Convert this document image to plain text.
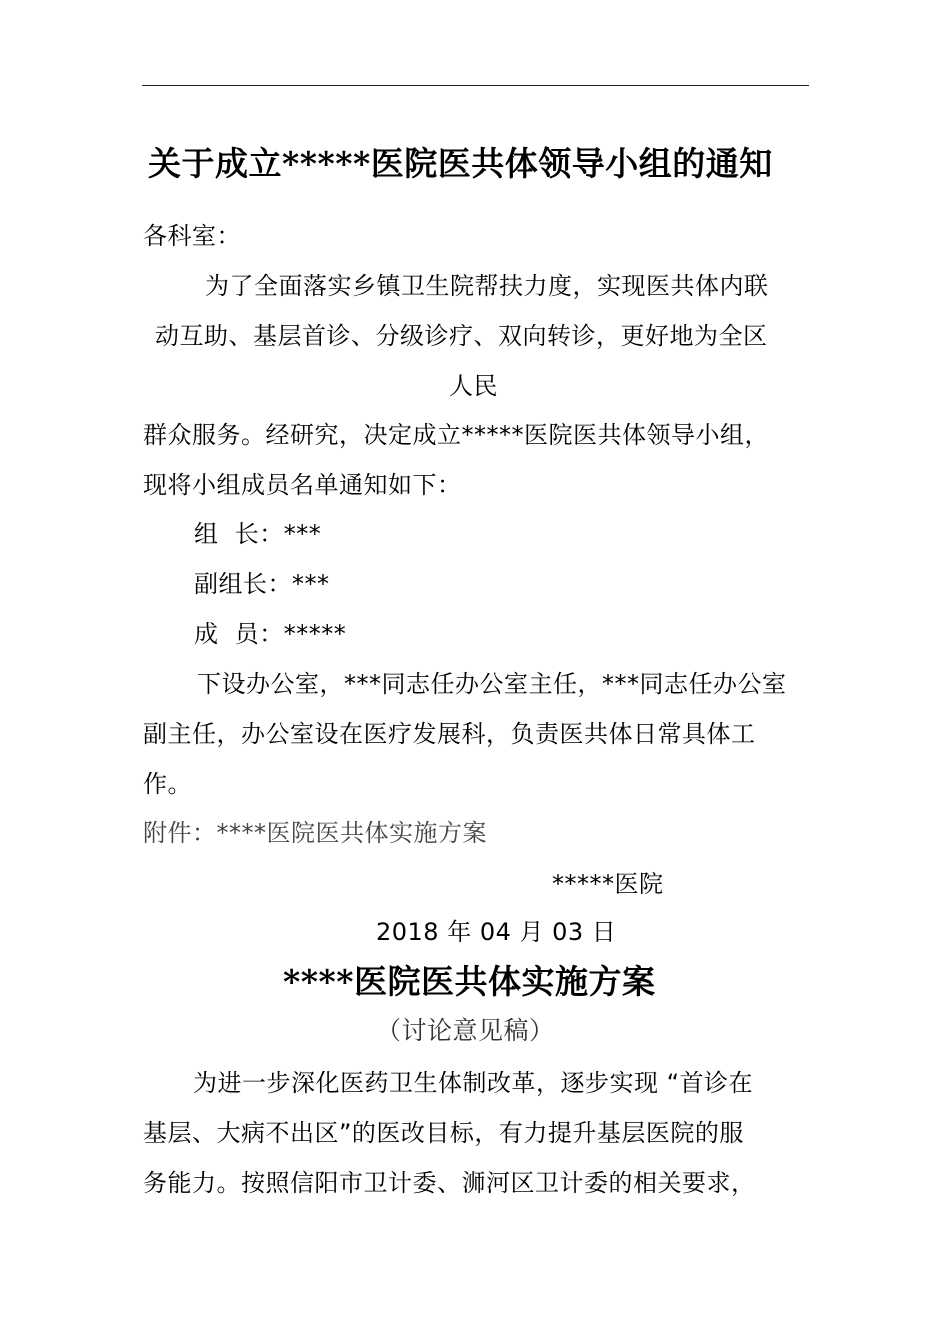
关于成立*****医院医共体领导小组的通知
各科室：
为了全面落实乡镇卫生院帮扶力度，实现医共体内联
动互助、基层首诊、分级诊疗、双向转诊，更好地为全区
人民
群众服务。经研究，决定成立*****医院医共体领导小组，
现将小组成员名单通知如下：
组  长：***
副组长：***
成  员：*****
下设办公室，***同志任办公室主任，***同志任办公室
副主任，办公室设在医疗发展科，负责医共体日常具体工
作。
附件：****医院医共体实施方案
*****医院
2018 年 04 月 03 日
****医院医共体实施方案
（讨论意见稿）
为进一步深化医药卫生体制改革，逐步实现 “首诊在
基层、大病不出区”的医改目标，有力提升基层医院的服
务能力。按照信阳市卫计委、浉河区卫计委的相关要求，
